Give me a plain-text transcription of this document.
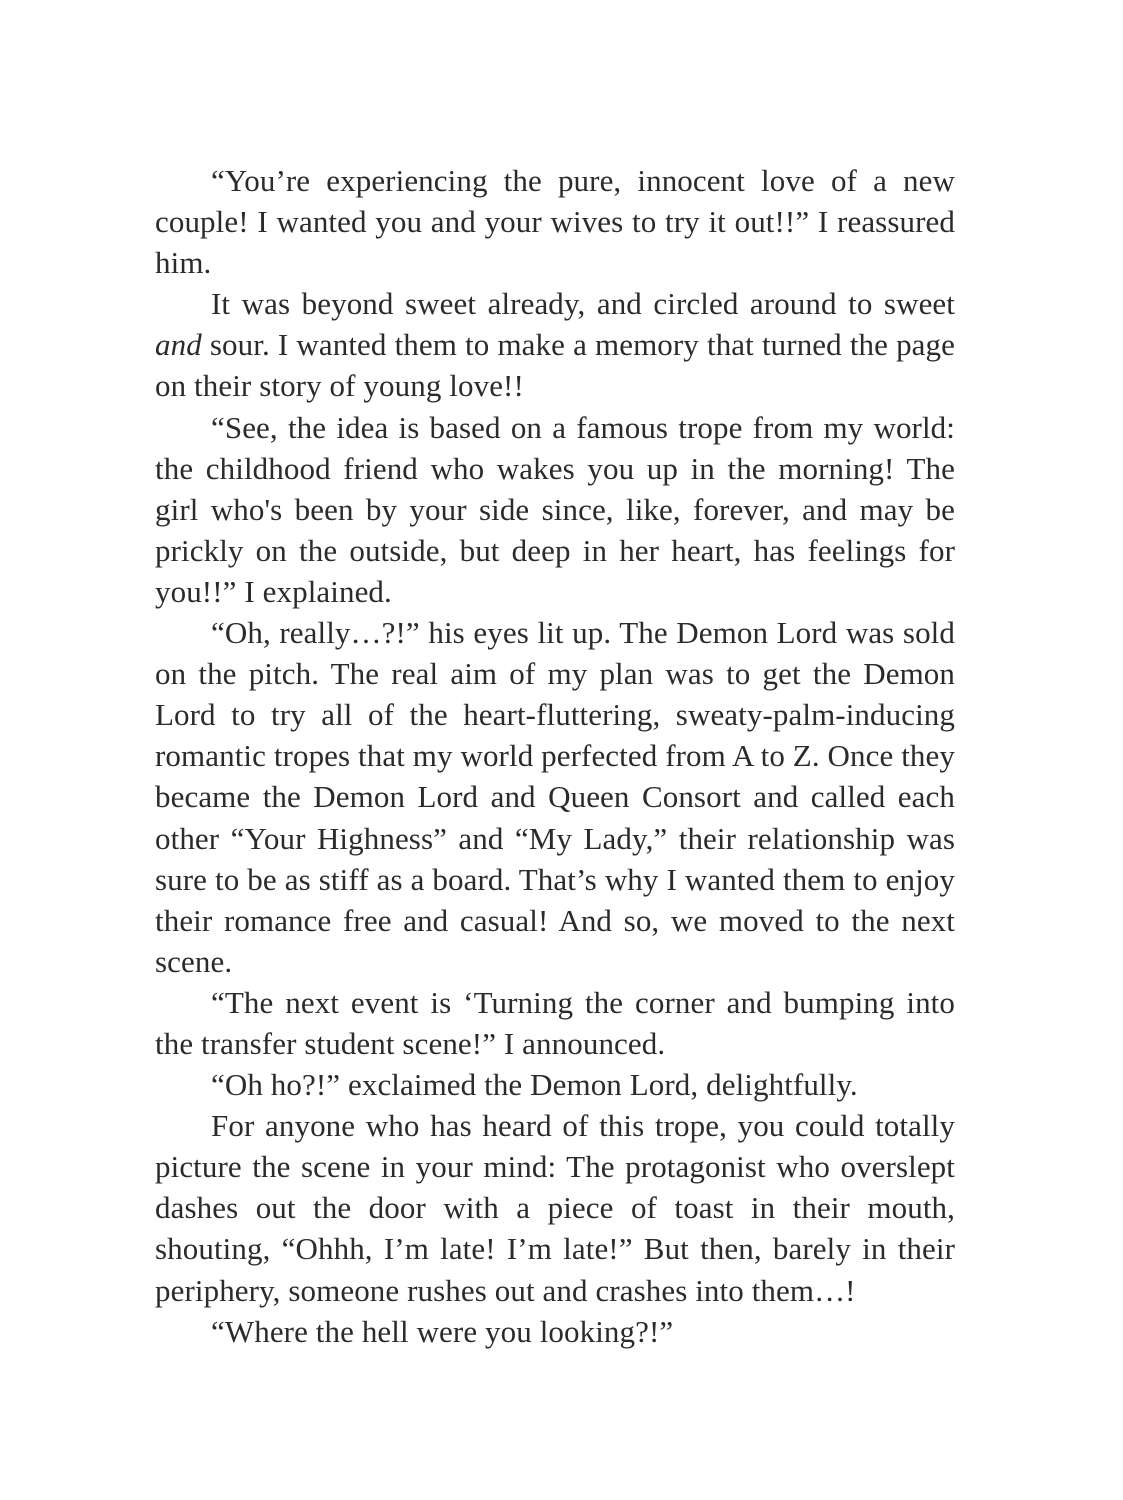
“You’re experiencing the pure, innocent love of a new couple! I wanted you and your wives to try it out!!” I reassured him.

It was beyond sweet already, and circled around to sweet and sour. I wanted them to make a memory that turned the page on their story of young love!!

“See, the idea is based on a famous trope from my world: the childhood friend who wakes you up in the morning! The girl who's been by your side since, like, forever, and may be prickly on the outside, but deep in her heart, has feelings for you!!” I explained.

“Oh, really…?!” his eyes lit up. The Demon Lord was sold on the pitch. The real aim of my plan was to get the Demon Lord to try all of the heart-fluttering, sweaty-palm-inducing romantic tropes that my world perfected from A to Z. Once they became the Demon Lord and Queen Consort and called each other “Your Highness” and “My Lady,” their relationship was sure to be as stiff as a board. That’s why I wanted them to enjoy their romance free and casual! And so, we moved to the next scene.

“The next event is ‘Turning the corner and bumping into the transfer student scene!” I announced.

“Oh ho?!” exclaimed the Demon Lord, delightfully.

For anyone who has heard of this trope, you could totally picture the scene in your mind: The protagonist who overslept dashes out the door with a piece of toast in their mouth, shouting, “Ohhh, I’m late! I’m late!” But then, barely in their periphery, someone rushes out and crashes into them…!

“Where the hell were you looking?!”
